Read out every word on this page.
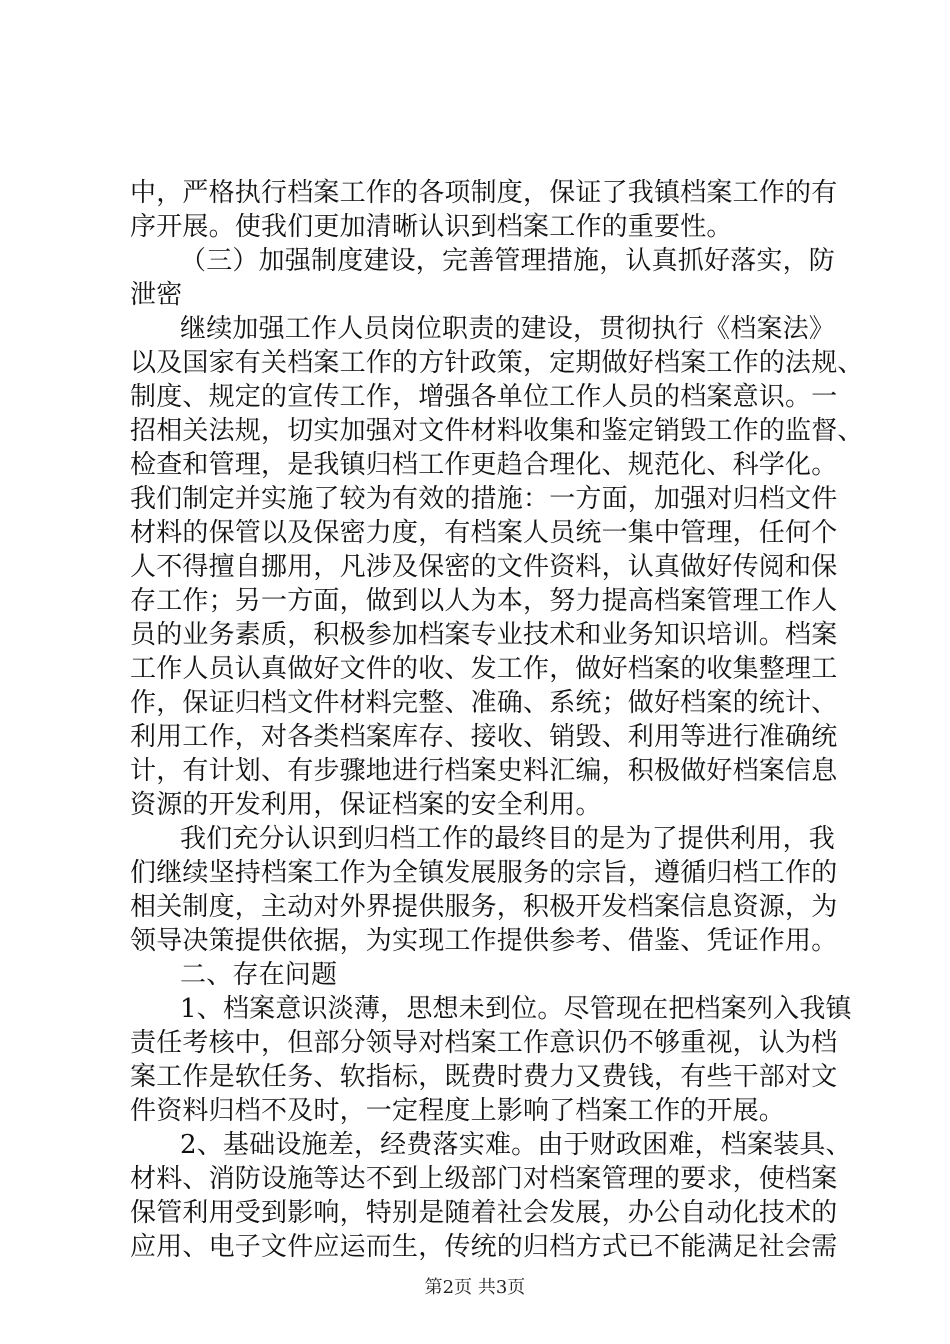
中，严格执行档案工作的各项制度，保证了我镇档案工作的有
序开展。使我们更加清晰认识到档案工作的重要性。
（三）加强制度建设，完善管理措施，认真抓好落实，防
泄密
继续加强工作人员岗位职责的建设，贯彻执行《档案法》
以及国家有关档案工作的方针政策，定期做好档案工作的法规、
制度、规定的宣传工作，增强各单位工作人员的档案意识。一
招相关法规，切实加强对文件材料收集和鉴定销毁工作的监督、
检查和管理，是我镇归档工作更趋合理化、规范化、科学化。
我们制定并实施了较为有效的措施：一方面，加强对归档文件
材料的保管以及保密力度，有档案人员统一集中管理，任何个
人不得擅自挪用，凡涉及保密的文件资料，认真做好传阅和保
存工作；另一方面，做到以人为本，努力提高档案管理工作人
员的业务素质，积极参加档案专业技术和业务知识培训。档案
工作人员认真做好文件的收、发工作，做好档案的收集整理工
作，保证归档文件材料完整、准确、系统；做好档案的统计、
利用工作，对各类档案库存、接收、销毁、利用等进行准确统
计，有计划、有步骤地进行档案史料汇编，积极做好档案信息
资源的开发利用，保证档案的安全利用。
我们充分认识到归档工作的最终目的是为了提供利用，我
们继续坚持档案工作为全镇发展服务的宗旨，遵循归档工作的
相关制度，主动对外界提供服务，积极开发档案信息资源，为
领导决策提供依据，为实现工作提供参考、借鉴、凭证作用。
二、存在问题
1、档案意识淡薄，思想未到位。尽管现在把档案列入我镇
责任考核中，但部分领导对档案工作意识仍不够重视，认为档
案工作是软任务、软指标，既费时费力又费钱，有些干部对文
件资料归档不及时，一定程度上影响了档案工作的开展。
2、基础设施差，经费落实难。由于财政困难，档案装具、
材料、消防设施等达不到上级部门对档案管理的要求，使档案
保管利用受到影响，特别是随着社会发展，办公自动化技术的
应用、电子文件应运而生，传统的归档方式已不能满足社会需
第2页 共3页
